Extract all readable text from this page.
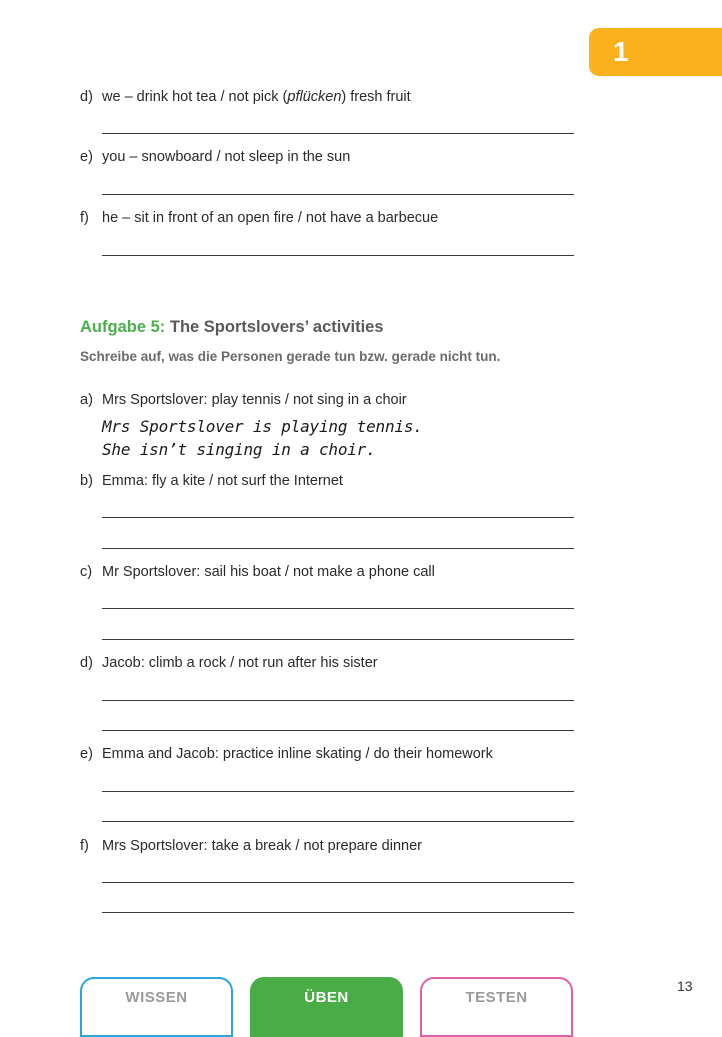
1
d) we – drink hot tea / not pick (pflücken) fresh fruit
e) you – snowboard / not sleep in the sun
f) he – sit in front of an open fire / not have a barbecue
Aufgabe 5: The Sportslovers’ activities
Schreibe auf, was die Personen gerade tun bzw. gerade nicht tun.
a) Mrs Sportslover: play tennis / not sing in a choir
Mrs Sportslover is playing tennis.
She isn’t singing in a choir.
b) Emma: fly a kite / not surf the Internet
c) Mr Sportslover: sail his boat / not make a phone call
d) Jacob: climb a rock / not run after his sister
e) Emma and Jacob: practice inline skating / do their homework
f) Mrs Sportslover: take a break / not prepare dinner
13
WISSEN	ÜBEN	TESTEN
